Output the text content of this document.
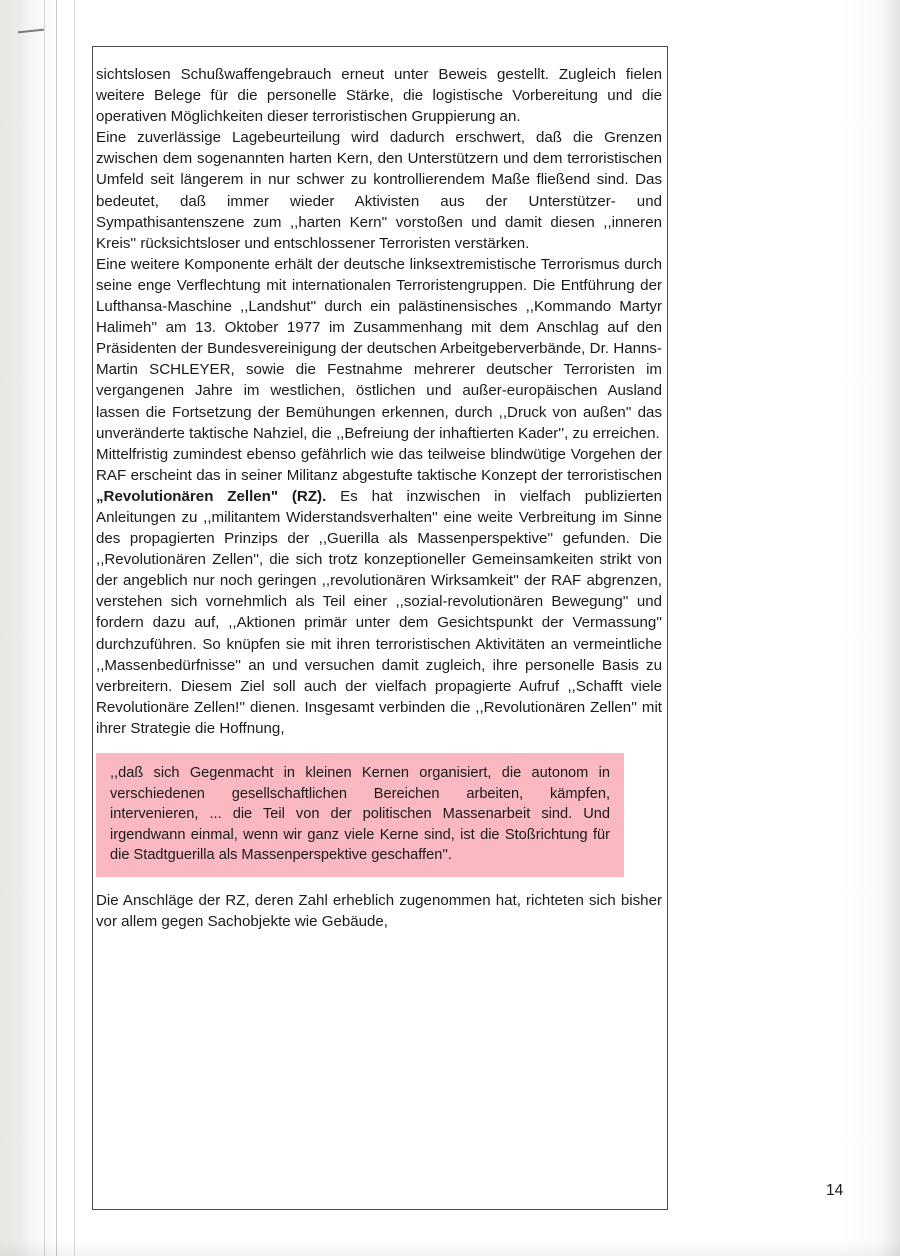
sichtslosen Schußwaffengebrauch erneut unter Beweis gestellt. Zugleich fielen weitere Belege für die personelle Stärke, die logistische Vorbereitung und die operativen Möglichkeiten dieser terroristischen Gruppierung an.

Eine zuverlässige Lagebeurteilung wird dadurch erschwert, daß die Grenzen zwischen dem sogenannten harten Kern, den Unterstützern und dem terroristischen Umfeld seit längerem in nur schwer zu kontrollierendem Maße fließend sind. Das bedeutet, daß immer wieder Aktivisten aus der Unterstützer- und Sympathisantenszene zum ,,harten Kern'' vorstoßen und damit diesen ,,inneren Kreis'' rücksichtsloser und entschlossener Terroristen verstärken.

Eine weitere Komponente erhält der deutsche linksextremistische Terrorismus durch seine enge Verflechtung mit internationalen Terroristengruppen. Die Entführung der Lufthansa-Maschine ,,Landshut'' durch ein palästinensisches ,,Kommando Martyr Halimeh'' am 13. Oktober 1977 im Zusammenhang mit dem Anschlag auf den Präsidenten der Bundesvereinigung der deutschen Arbeitgeberverbände, Dr. Hanns-Martin SCHLEYER, sowie die Festnahme mehrerer deutscher Terroristen im vergangenen Jahre im westlichen, östlichen und außer-europäischen Ausland lassen die Fortsetzung der Bemühungen erkennen, durch ,,Druck von außen'' das unveränderte taktische Nahziel, die ,,Befreiung der inhaftierten Kader'', zu erreichen.

Mittelfristig zumindest ebenso gefährlich wie das teilweise blindwütige Vorgehen der RAF erscheint das in seiner Militanz abgestufte taktische Konzept der terroristischen „Revolutionären Zellen" (RZ). Es hat inzwischen in vielfach publizierten Anleitungen zu ,,militantem Widerstandsverhalten'' eine weite Verbreitung im Sinne des propagierten Prinzips der ,,Guerilla als Massenperspektive'' gefunden. Die ,,Revolutionären Zellen'', die sich trotz konzeptioneller Gemeinsamkeiten strikt von der angeblich nur noch geringen ,,revolutionären Wirksamkeit'' der RAF abgrenzen, verstehen sich vornehmlich als Teil einer ,,sozial-revolutionären Bewegung'' und fordern dazu auf, ,,Aktionen primär unter dem Gesichtspunkt der Vermassung'' durchzuführen. So knüpfen sie mit ihren terroristischen Aktivitäten an vermeintliche ,,Massenbedürfnisse'' an und versuchen damit zugleich, ihre personelle Basis zu verbreitern. Diesem Ziel soll auch der vielfach propagierte Aufruf ,,Schafft viele Revolutionäre Zellen!'' dienen. Insgesamt verbinden die ,,Revolutionären Zellen'' mit ihrer Strategie die Hoffnung,

,,daß sich Gegenmacht in kleinen Kernen organisiert, die autonom in verschiedenen gesellschaftlichen Bereichen arbeiten, kämpfen, intervenieren, ... die Teil von der politischen Massenarbeit sind. Und irgendwann einmal, wenn wir ganz viele Kerne sind, ist die Stoßrichtung für die Stadtguerilla als Massenperspektive geschaffen''.

Die Anschläge der RZ, deren Zahl erheblich zugenommen hat, richteten sich bisher vor allem gegen Sachobjekte wie Gebäude,

14
